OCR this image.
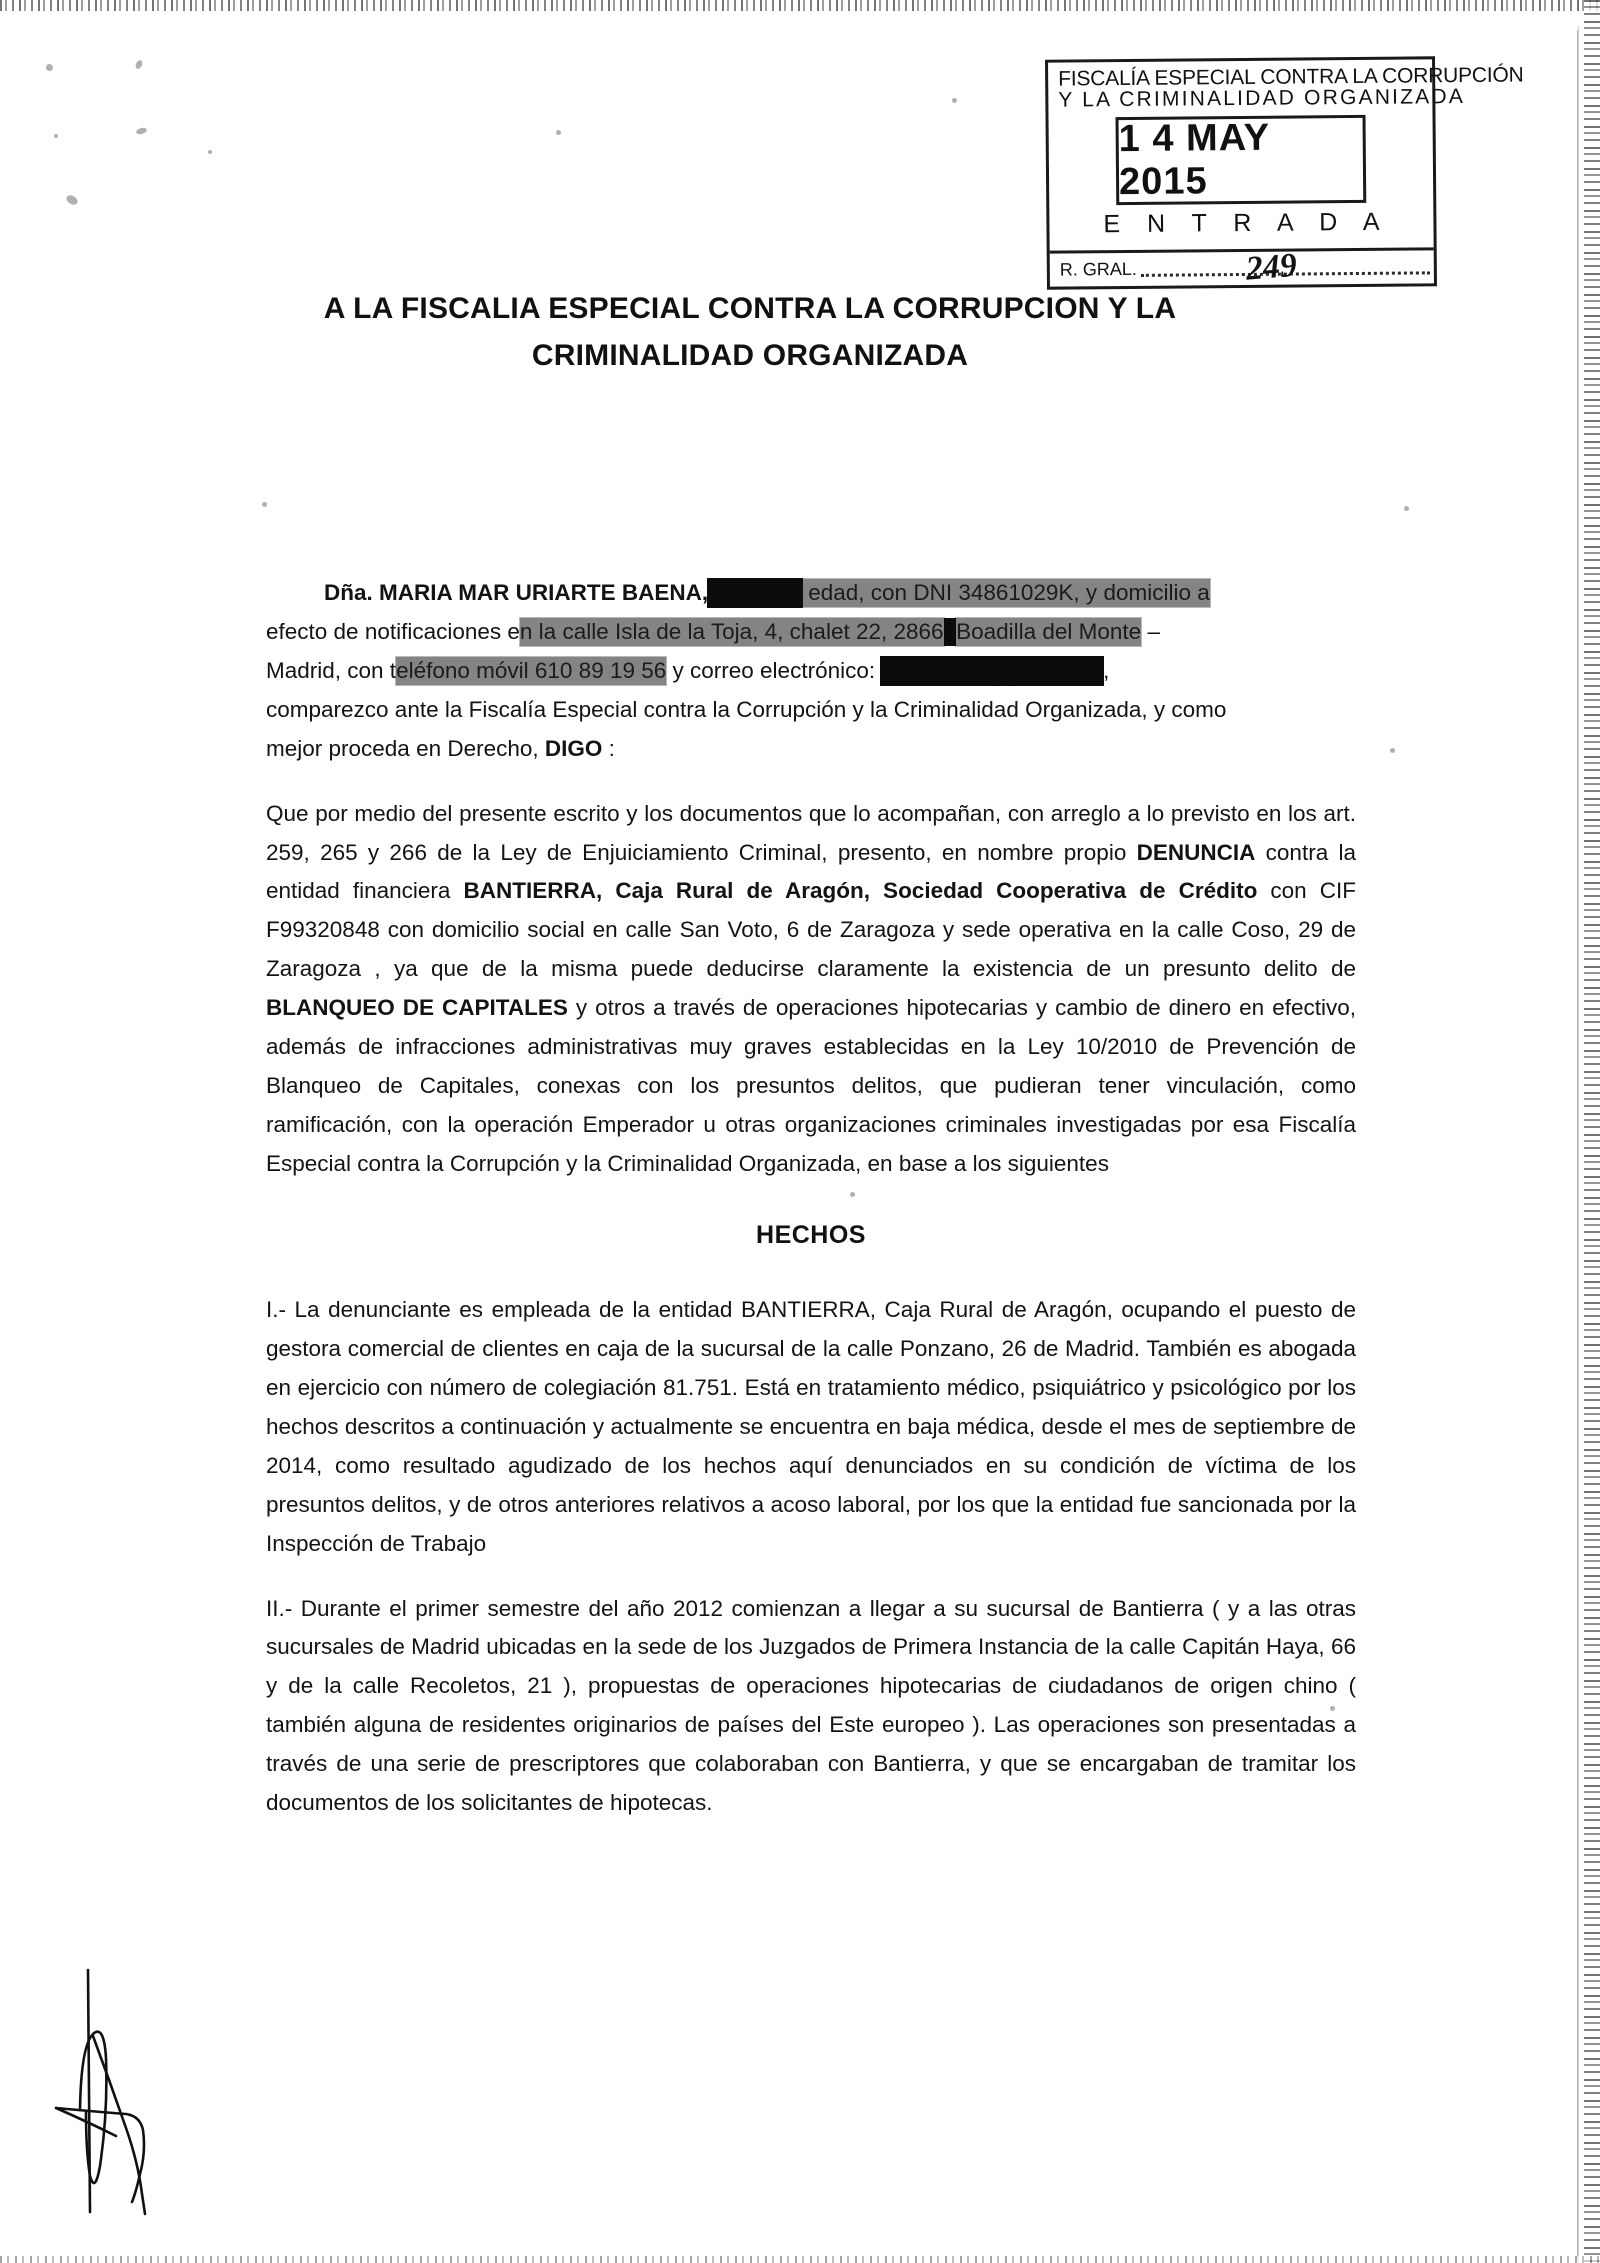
FISCALÍA ESPECIAL CONTRA LA CORRUPCIÓN
Y LA CRIMINALIDAD ORGANIZADA
1 4 MAY 2015
E N T R A D A
R. GRAL.	249
A LA FISCALIA ESPECIAL CONTRA LA CORRUPCION Y LA
CRIMINALIDAD ORGANIZADA

Dña. MARIA MAR URIARTE BAENA,mayor de edad, con DNI 34861029K, y domicilio a
efecto de notificaciones en la calle Isla de la Toja, 4, chalet 22, 28660Boadilla del Monte –
Madrid, con teléfono móvil 610 89 19 56 y correo electrónico: mar.uriarte@yahoo.es,
comparezco ante la Fiscalía Especial contra la Corrupción y la Criminalidad Organizada, y como
mejor proceda en Derecho, DIGO :

Que por medio del presente escrito y los documentos que lo acompañan, con arreglo a lo previsto en los art. 259, 265 y 266 de la Ley de Enjuiciamiento Criminal, presento, en nombre propio DENUNCIA contra la entidad financiera BANTIERRA, Caja Rural de Aragón, Sociedad Cooperativa de Crédito con CIF F99320848 con domicilio social en calle San Voto, 6 de Zaragoza y sede operativa en la calle Coso, 29 de Zaragoza , ya que de la misma puede deducirse claramente la existencia de un presunto delito de BLANQUEO DE CAPITALES y otros a través de operaciones hipotecarias y cambio de dinero en efectivo, además de infracciones administrativas muy graves establecidas en la Ley 10/2010 de Prevención de Blanqueo de Capitales, conexas con los presuntos delitos, que pudieran tener vinculación, como ramificación, con la operación Emperador u otras organizaciones criminales investigadas por esa Fiscalía Especial contra la Corrupción y la Criminalidad Organizada, en base a los siguientes

HECHOS

I.- La denunciante es empleada de la entidad BANTIERRA, Caja Rural de Aragón, ocupando el puesto de gestora comercial de clientes en caja de la sucursal de la calle Ponzano, 26 de Madrid. También es abogada en ejercicio con número de colegiación 81.751. Está en tratamiento médico, psiquiátrico y psicológico por los hechos descritos a continuación y actualmente se encuentra en baja médica, desde el mes de septiembre de 2014, como resultado agudizado de los hechos aquí denunciados en su condición de víctima de los presuntos delitos, y de otros anteriores relativos a acoso laboral, por los que la entidad fue sancionada por la Inspección de Trabajo

II.- Durante el primer semestre del año 2012 comienzan a llegar a su sucursal de Bantierra ( y a las otras sucursales de Madrid ubicadas en la sede de los Juzgados de Primera Instancia de la calle Capitán Haya, 66 y de la calle Recoletos, 21 ), propuestas de operaciones hipotecarias de ciudadanos de origen chino ( también alguna de residentes originarios de países del Este europeo ). Las operaciones son presentadas a través de una serie de prescriptores que colaboraban con Bantierra, y que se encargaban de tramitar los documentos de los solicitantes de hipotecas.
